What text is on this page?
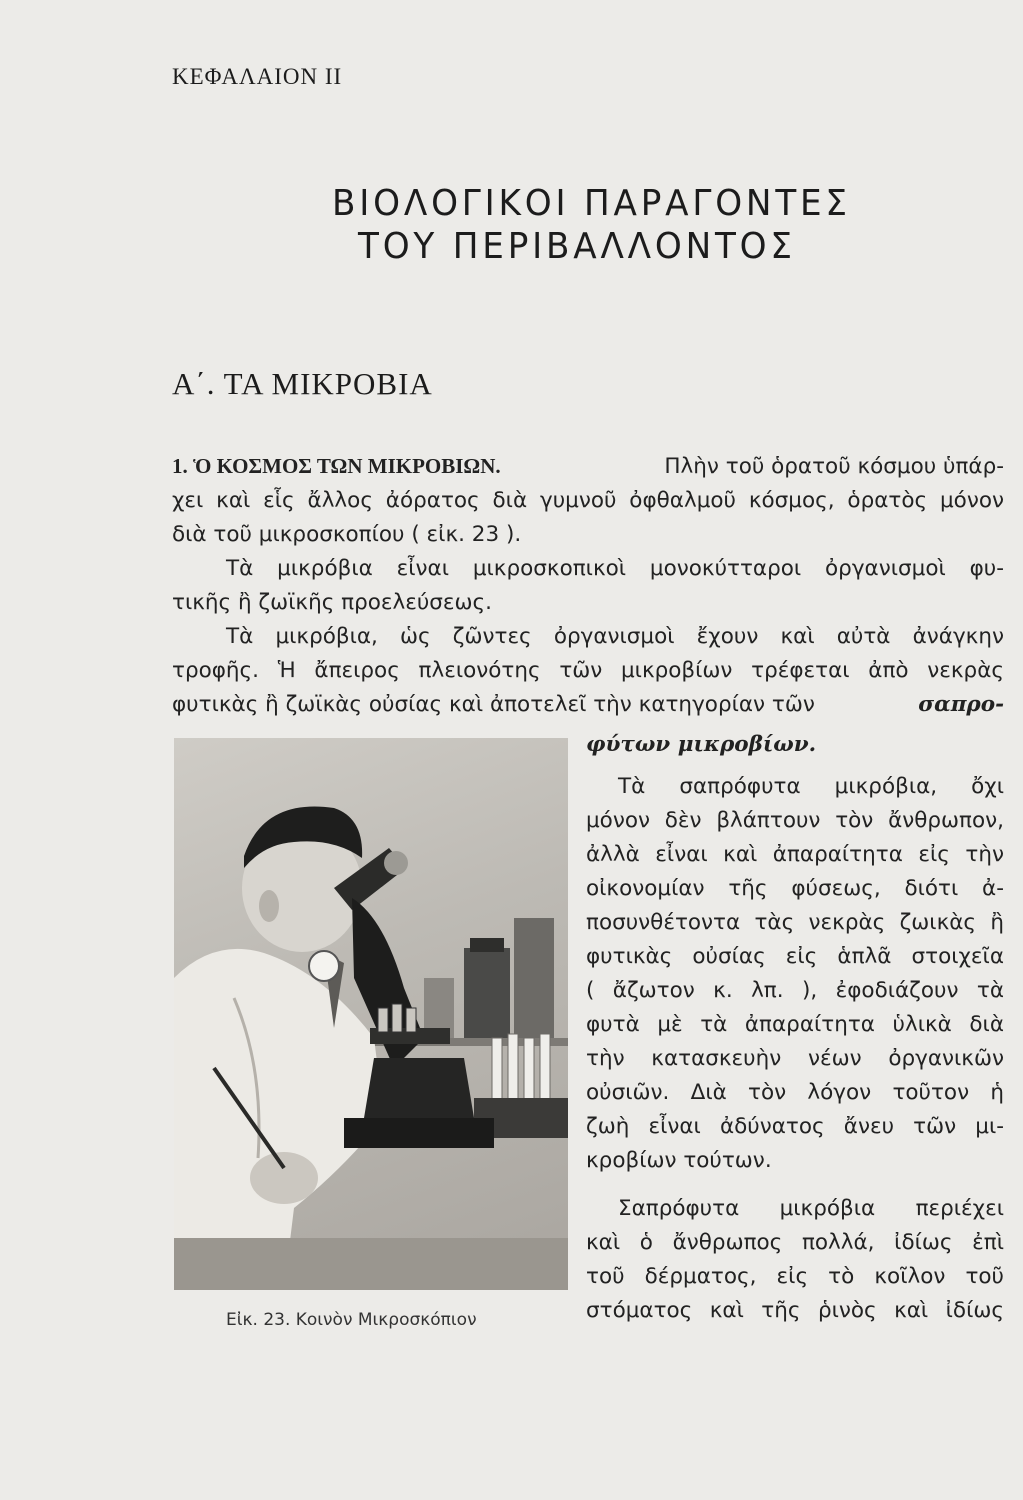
ΚΕΦΑΛΑΙΟΝ ΙΙ
ΒΙΟΛΟΓΙΚΟΙ ΠΑΡΑΓΟΝΤΕΣ
ΤΟΥ ΠΕΡΙΒΑΛΛΟΝΤΟΣ
Α΄. ΤΑ ΜΙΚΡΟΒΙΑ
1. Ὁ ΚΟΣΜΟΣ ΤΩΝ ΜΙΚΡΟΒΙΩΝ.	Πλὴν τοῦ ὁρατοῦ κόσμου ὑπάρ-
χει καὶ εἷς ἄλλος ἀόρατος διὰ γυμνοῦ ὀφθαλμοῦ κόσμος, ὁρατὸς μόνον
διὰ τοῦ μικροσκοπίου ( εἰκ. 23 ).
Τὰ μικρόβια εἶναι μικροσκοπικοὶ μονοκύτταροι ὀργανισμοὶ φυ-
τικῆς ἢ ζωϊκῆς προελεύσεως.
Τὰ μικρόβια, ὡς ζῶντες ὀργανισμοὶ ἔχουν καὶ αὐτὰ ἀνάγκην
τροφῆς. Ἡ ἄπειρος πλειονότης τῶν μικροβίων τρέφεται ἀπὸ νεκρὰς
φυτικὰς ἢ ζωϊκὰς οὐσίας καὶ ἀποτελεῖ τὴν κατηγορίαν τῶν	σαπρο-
φύτων μικροβίων.
Εἰκ. 23. Κοινὸν Μικροσκόπιον
Τὰ σαπρόφυτα μικρόβια, ὄχι
μόνον δὲν βλάπτουν τὸν ἄνθρωπον,
ἀλλὰ εἶναι καὶ ἀπαραίτητα εἰς τὴν
οἰκονομίαν τῆς φύσεως, διότι ἀ-
ποσυνθέτοντα τὰς νεκρὰς ζωικὰς ἢ
φυτικὰς οὐσίας εἰς ἁπλᾶ στοιχεῖα
( ἄζωτον κ. λπ. ), ἐφοδιάζουν τὰ
φυτὰ μὲ τὰ ἀπαραίτητα ὑλικὰ διὰ
τὴν κατασκευὴν νέων ὀργανικῶν
οὐσιῶν. Διὰ τὸν λόγον τοῦτον ἡ
ζωὴ εἶναι ἀδύνατος ἄνευ τῶν μι-
κροβίων τούτων.
Σαπρόφυτα μικρόβια περιέχει
καὶ ὁ ἄνθρωπος πολλά, ἰδίως ἐπὶ
τοῦ δέρματος, εἰς τὸ κοῖλον τοῦ
στόματος καὶ τῆς ῥινὸς καὶ ἰδίως
